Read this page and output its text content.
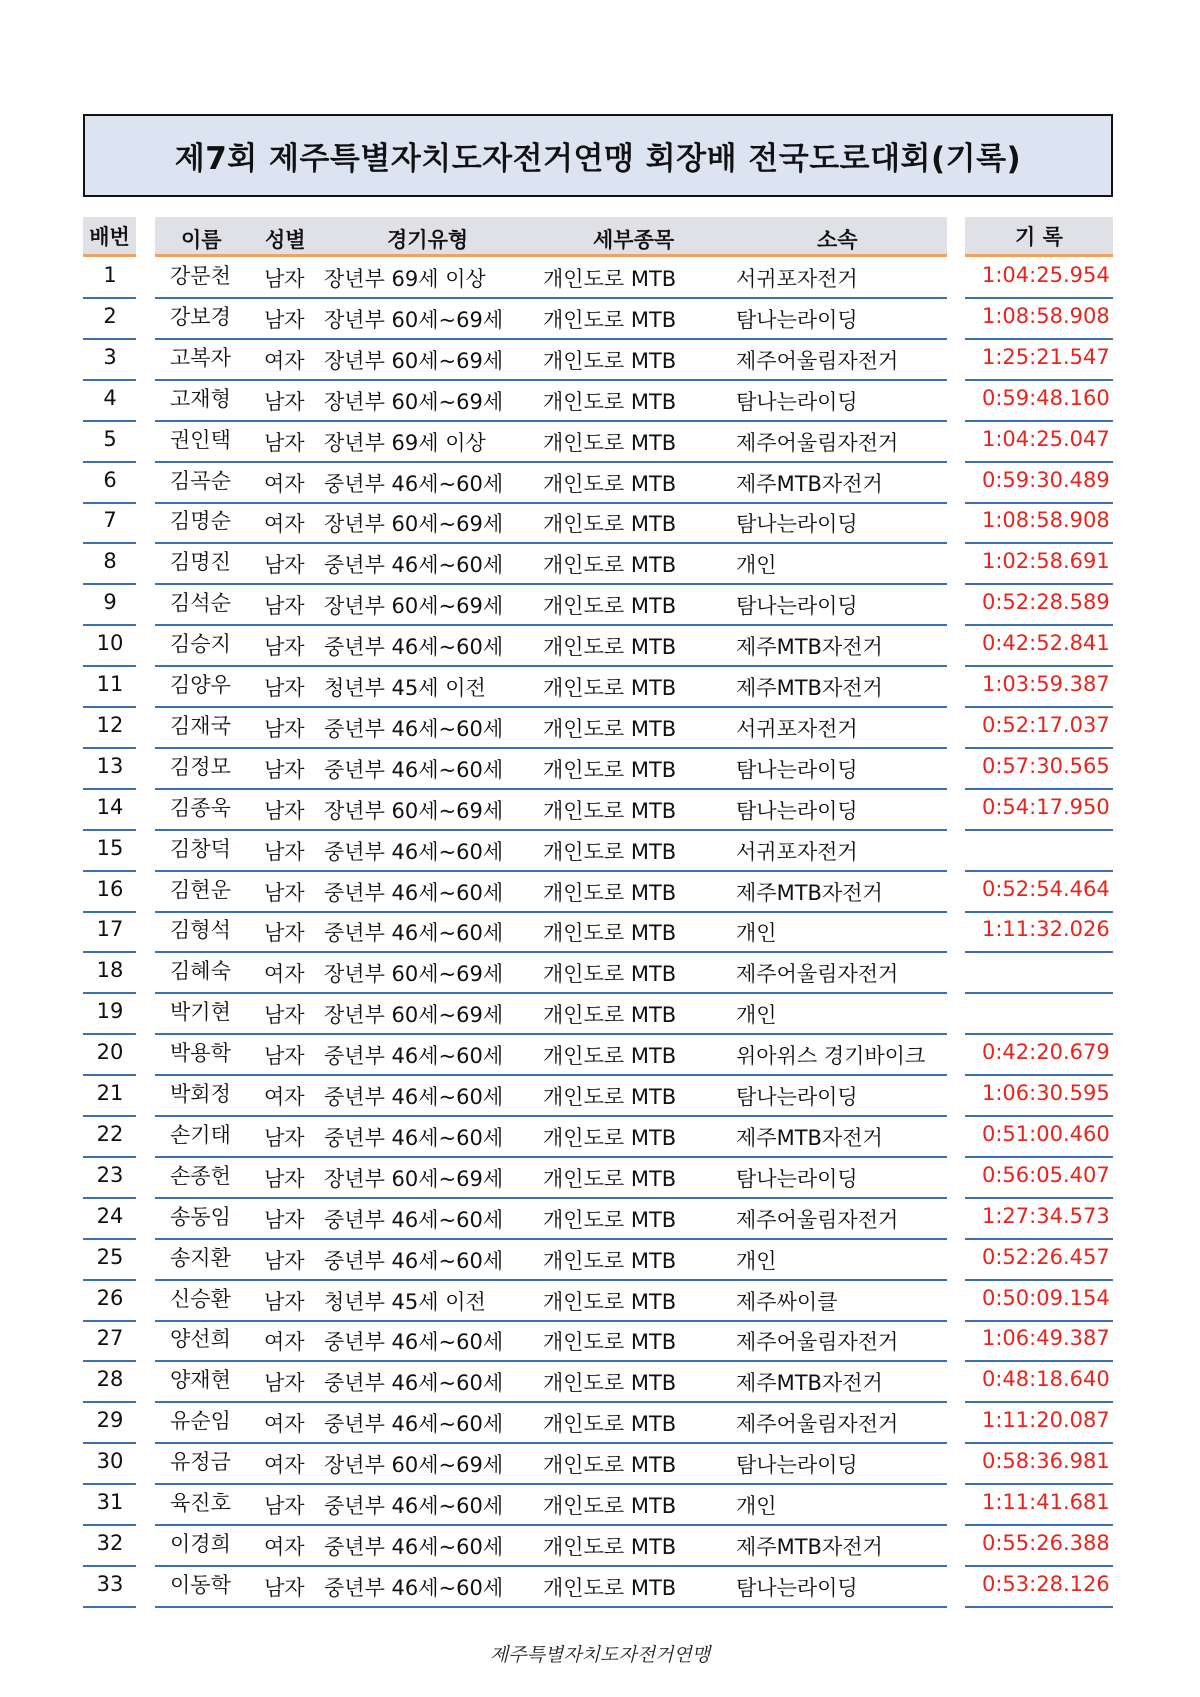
제7회 제주특별자치도자전거연맹 회장배 전국도로대회(기록)
배번 이름 성별	경기유형	세부종목	소속	기 록
1	강문천 남자 장년부 69세 이상	개인도로 MTB	서귀포자전거	1:04:25.954
2	강보경 남자 장년부 60세~69세 개인도로 MTB	탐나는라이딩	1:08:58.908
3	고복자 여자 장년부 60세~69세 개인도로 MTB	제주어울림자전거	1:25:21.547
4	고재형 남자 장년부 60세~69세 개인도로 MTB	탐나는라이딩	0:59:48.160
5	권인택 남자 장년부 69세 이상	개인도로 MTB	제주어울림자전거	1:04:25.047
6	김곡순 여자 중년부 46세~60세 개인도로 MTB	제주MTB자전거	0:59:30.489
7	김명순 여자 장년부 60세~69세 개인도로 MTB	탐나는라이딩	1:08:58.908
8	김명진 남자 중년부 46세~60세 개인도로 MTB	개인	1:02:58.691
9	김석순 남자 장년부 60세~69세 개인도로 MTB	탐나는라이딩	0:52:28.589
10	김승지 남자 중년부 46세~60세 개인도로 MTB	제주MTB자전거	0:42:52.841
11	김양우 남자 청년부 45세 이전	개인도로 MTB	제주MTB자전거	1:03:59.387
12	김재국 남자 중년부 46세~60세 개인도로 MTB	서귀포자전거	0:52:17.037
13	김정모 남자 중년부 46세~60세 개인도로 MTB	탐나는라이딩	0:57:30.565
14	김종욱 남자 장년부 60세~69세 개인도로 MTB	탐나는라이딩	0:54:17.950
15	김창덕 남자 중년부 46세~60세 개인도로 MTB	서귀포자전거
16	김현운 남자 중년부 46세~60세 개인도로 MTB	제주MTB자전거	0:52:54.464
17	김형석 남자 중년부 46세~60세 개인도로 MTB	개인	1:11:32.026
18	김혜숙 여자 장년부 60세~69세 개인도로 MTB	제주어울림자전거
19	박기현 남자 장년부 60세~69세 개인도로 MTB	개인
20	박용학 남자 중년부 46세~60세 개인도로 MTB	위아위스 경기바이크	0:42:20.679
21	박회정 여자 중년부 46세~60세 개인도로 MTB	탐나는라이딩	1:06:30.595
22	손기태 남자 중년부 46세~60세 개인도로 MTB	제주MTB자전거	0:51:00.460
23	손종헌 남자 장년부 60세~69세 개인도로 MTB	탐나는라이딩	0:56:05.407
24	송동임 남자 중년부 46세~60세 개인도로 MTB	제주어울림자전거	1:27:34.573
25	송지환 남자 중년부 46세~60세 개인도로 MTB	개인	0:52:26.457
26	신승환 남자 청년부 45세 이전	개인도로 MTB	제주싸이클	0:50:09.154
27	양선희 여자 중년부 46세~60세 개인도로 MTB	제주어울림자전거	1:06:49.387
28	양재현 남자 중년부 46세~60세 개인도로 MTB	제주MTB자전거	0:48:18.640
29	유순임 여자 중년부 46세~60세 개인도로 MTB	제주어울림자전거	1:11:20.087
30	유정금 여자 장년부 60세~69세 개인도로 MTB	탐나는라이딩	0:58:36.981
31	육진호 남자 중년부 46세~60세 개인도로 MTB	개인	1:11:41.681
32	이경희 여자 중년부 46세~60세 개인도로 MTB	제주MTB자전거	0:55:26.388
33	이동학 남자 중년부 46세~60세 개인도로 MTB	탐나는라이딩	0:53:28.126
제주특별자치도자전거연맹
